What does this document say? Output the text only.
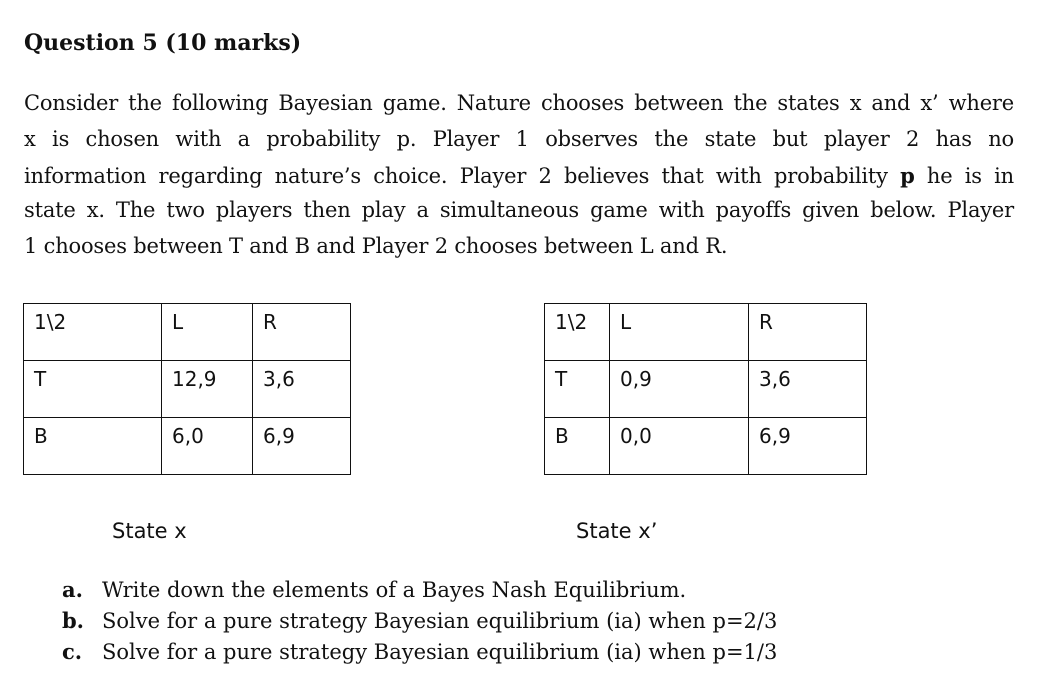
Question 5 (10 marks)
Consider the following Bayesian game. Nature chooses between the states x and x’ where
x is chosen with a probability p. Player 1 observes the state but player 2 has no
information regarding nature’s choice. Player 2 believes that with probability p he is in
state x. The two players then play a simultaneous game with payoffs given below. Player
1 chooses between T and B and Player 2 chooses between L and R.
1\2	L	R
T	12,9	3,6
B	6,0	6,9
1\2	L	R
T	0,9	3,6
B	0,0	6,9
State x	State x’
a. Write down the elements of a Bayes Nash Equilibrium.
b. Solve for a pure strategy Bayesian equilibrium (ia) when p=2/3
c. Solve for a pure strategy Bayesian equilibrium (ia) when p=1/3
